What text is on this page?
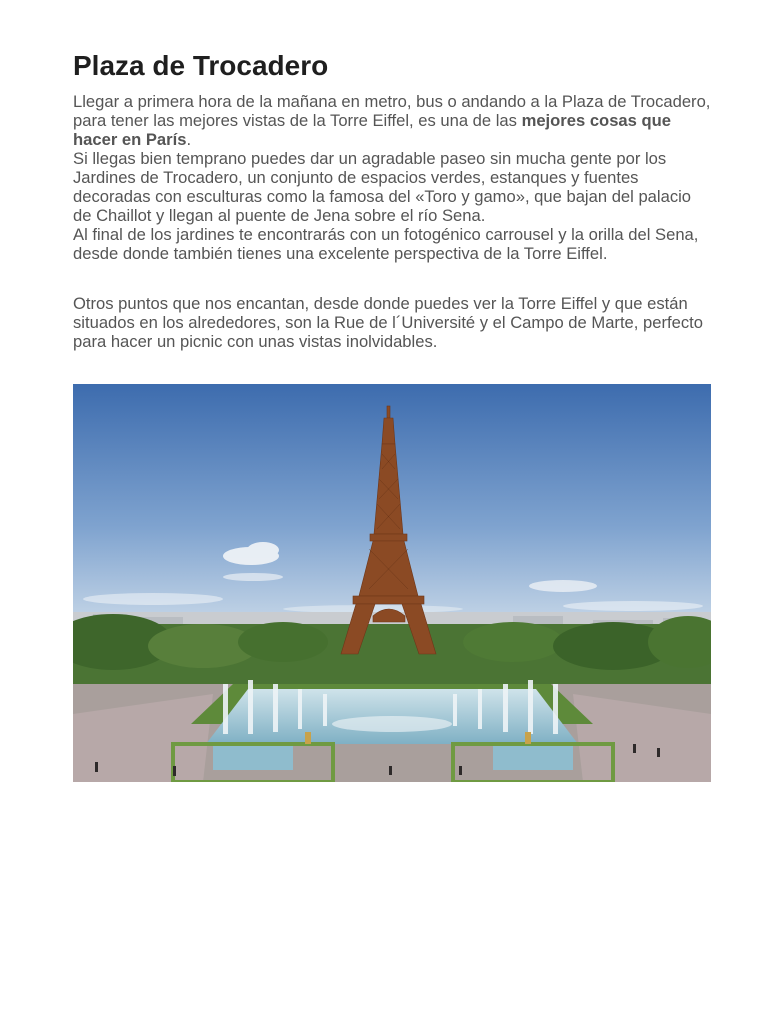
Plaza de Trocadero

Llegar a primera hora de la mañana en metro, bus o andando a la Plaza de Trocadero, para tener las mejores vistas de la Torre Eiffel, es una de las mejores cosas que hacer en París.
Si llegas bien temprano puedes dar un agradable paseo sin mucha gente por los Jardines de Trocadero, un conjunto de espacios verdes, estanques y fuentes decoradas con esculturas como la famosa del «Toro y gamo», que bajan del palacio de Chaillot y llegan al puente de Jena sobre el río Sena.
Al final de los jardines te encontrarás con un fotogénico carrousel y la orilla del Sena, desde donde también tienes una excelente perspectiva de la Torre Eiffel.

Otros puntos que nos encantan, desde donde puedes ver la Torre Eiffel y que están situados en los alrededores, son la Rue de l´Université y el Campo de Marte, perfecto para hacer un picnic con unas vistas inolvidables.
